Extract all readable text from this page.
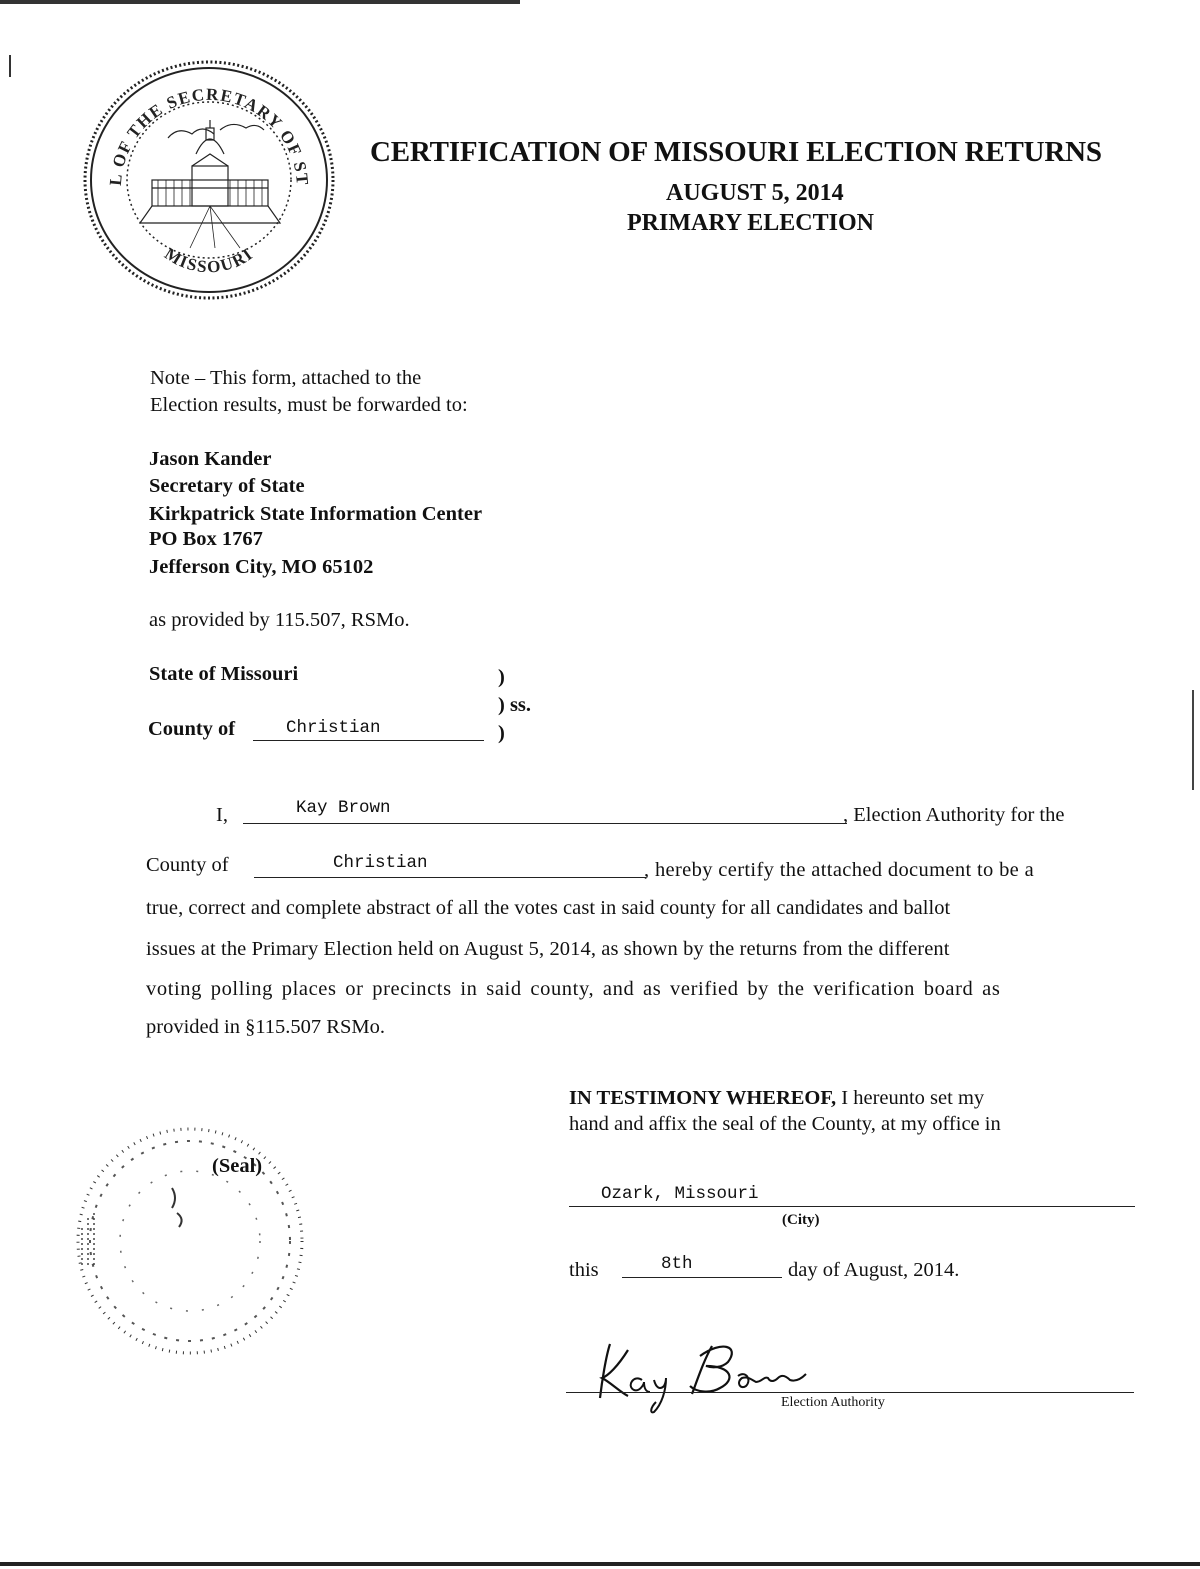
L OF THE SECRETARY OF ST
MISSOURI
CERTIFICATION OF MISSOURI ELECTION RETURNS
AUGUST 5, 2014
PRIMARY ELECTION
Note – This form, attached to the
Election results, must be forwarded to:
Jason Kander
Secretary of State
Kirkpatrick State Information Center
PO Box 1767
Jefferson City, MO 65102
as provided by 115.507, RSMo.
State of Missouri	)
) ss.
County of	Christian	)
I,	Kay Brown	, Election Authority for the
County of	Christian	, hereby certify the attached document to be a
true, correct and complete abstract of all the votes cast in said county for all candidates and ballot
issues at the Primary Election held on August 5, 2014, as shown by the returns from the different
voting polling places or precincts in said county, and as verified by the verification board as
provided in §115.507 RSMo.
(Seal)
IN TESTIMONY WHEREOF, I hereunto set my
hand and affix the seal of the County, at my office in
Ozark, Missouri
(City)
this	8th	day of August, 2014.
Election Authority
